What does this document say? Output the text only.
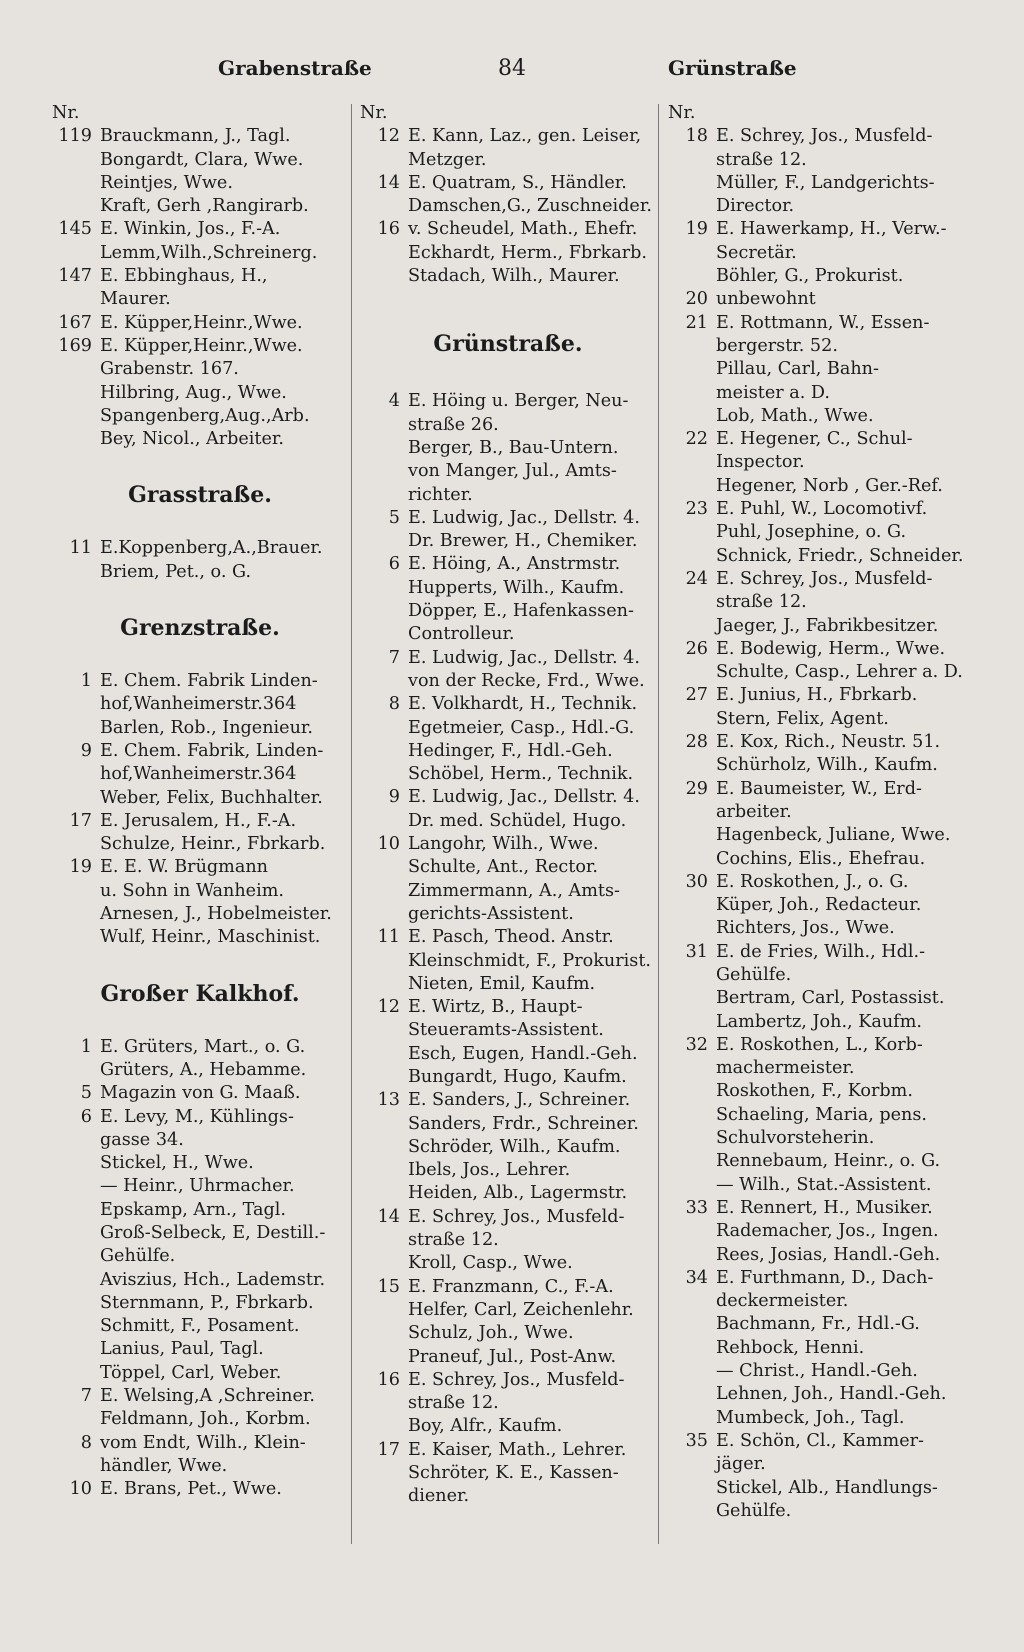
Grabenstraße	84	Grünstraße
Nr.
119 Brauckmann, J., Tagl.
Bongardt, Clara, Wwe.
Reintjes, Wwe.
Kraft, Gerh ,Rangirarb.
145 E. Winkin, Jos., F.-A.
Lemm,Wilh.,Schreinerg.
147 E. Ebbinghaus, H.,
Maurer.
167 E. Küpper,Heinr.,Wwe.
169 E. Küpper,Heinr.,Wwe.
Grabenstr. 167.
Hilbring, Aug., Wwe.
Spangenberg,Aug.,Arb.
Bey, Nicol., Arbeiter.
Grasstraße.
11 E.Koppenberg,A.,Brauer.
Briem, Pet., o. G.
Grenzstraße.
1 E. Chem. Fabrik Linden-
hof,Wanheimerstr.364
Barlen, Rob., Ingenieur.
9 E. Chem. Fabrik, Linden-
hof,Wanheimerstr.364
Weber, Felix, Buchhalter.
17 E. Jerusalem, H., F.-A.
Schulze, Heinr., Fbrkarb.
19 E. E. W. Brügmann
u. Sohn in Wanheim.
Arnesen, J., Hobelmeister.
Wulf, Heinr., Maschinist.
Großer Kalkhof.
1 E. Grüters, Mart., o. G.
Grüters, A., Hebamme.
5 Magazin von G. Maaß.
6 E. Levy, M., Kühlings-
gasse 34.
Stickel, H., Wwe.
— Heinr., Uhrmacher.
Epskamp, Arn., Tagl.
Groß-Selbeck, E, Destill.-
Gehülfe.
Aviszius, Hch., Lademstr.
Sternmann, P., Fbrkarb.
Schmitt, F., Posament.
Lanius, Paul, Tagl.
Töppel, Carl, Weber.
7 E. Welsing,A ,Schreiner.
Feldmann, Joh., Korbm.
8 vom Endt, Wilh., Klein-
händler, Wwe.
10 E. Brans, Pet., Wwe.
Nr.
12 E. Kann, Laz., gen. Leiser,
Metzger.
14 E. Quatram, S., Händler.
Damschen,G., Zuschneider.
16 v. Scheudel, Math., Ehefr.
Eckhardt, Herm., Fbrkarb.
Stadach, Wilh., Maurer.
Grünstraße.
4 E. Höing u. Berger, Neu-
straße 26.
Berger, B., Bau-Untern.
von Manger, Jul., Amts-
richter.
5 E. Ludwig, Jac., Dellstr. 4.
Dr. Brewer, H., Chemiker.
6 E. Höing, A., Anstrmstr.
Hupperts, Wilh., Kaufm.
Döpper, E., Hafenkassen-
Controlleur.
7 E. Ludwig, Jac., Dellstr. 4.
von der Recke, Frd., Wwe.
8 E. Volkhardt, H., Technik.
Egetmeier, Casp., Hdl.-G.
Hedinger, F., Hdl.-Geh.
Schöbel, Herm., Technik.
9 E. Ludwig, Jac., Dellstr. 4.
Dr. med. Schüdel, Hugo.
10 Langohr, Wilh., Wwe.
Schulte, Ant., Rector.
Zimmermann, A., Amts-
gerichts-Assistent.
11 E. Pasch, Theod. Anstr.
Kleinschmidt, F., Prokurist.
Nieten, Emil, Kaufm.
12 E. Wirtz, B., Haupt-
Steueramts-Assistent.
Esch, Eugen, Handl.-Geh.
Bungardt, Hugo, Kaufm.
13 E. Sanders, J., Schreiner.
Sanders, Frdr., Schreiner.
Schröder, Wilh., Kaufm.
Ibels, Jos., Lehrer.
Heiden, Alb., Lagermstr.
14 E. Schrey, Jos., Musfeld-
straße 12.
Kroll, Casp., Wwe.
15 E. Franzmann, C., F.-A.
Helfer, Carl, Zeichenlehr.
Schulz, Joh., Wwe.
Praneuf, Jul., Post-Anw.
16 E. Schrey, Jos., Musfeld-
straße 12.
Boy, Alfr., Kaufm.
17 E. Kaiser, Math., Lehrer.
Schröter, K. E., Kassen-
diener.
Nr.
18 E. Schrey, Jos., Musfeld-
straße 12.
Müller, F., Landgerichts-
Director.
19 E. Hawerkamp, H., Verw.-
Secretär.
Böhler, G., Prokurist.
20 unbewohnt
21 E. Rottmann, W., Essen-
bergerstr. 52.
Pillau, Carl, Bahn-
meister a. D.
Lob, Math., Wwe.
22 E. Hegener, C., Schul-
Inspector.
Hegener, Norb , Ger.-Ref.
23 E. Puhl, W., Locomotivf.
Puhl, Josephine, o. G.
Schnick, Friedr., Schneider.
24 E. Schrey, Jos., Musfeld-
straße 12.
Jaeger, J., Fabrikbesitzer.
26 E. Bodewig, Herm., Wwe.
Schulte, Casp., Lehrer a. D.
27 E. Junius, H., Fbrkarb.
Stern, Felix, Agent.
28 E. Kox, Rich., Neustr. 51.
Schürholz, Wilh., Kaufm.
29 E. Baumeister, W., Erd-
arbeiter.
Hagenbeck, Juliane, Wwe.
Cochins, Elis., Ehefrau.
30 E. Roskothen, J., o. G.
Küper, Joh., Redacteur.
Richters, Jos., Wwe.
31 E. de Fries, Wilh., Hdl.-
Gehülfe.
Bertram, Carl, Postassist.
Lambertz, Joh., Kaufm.
32 E. Roskothen, L., Korb-
machermeister.
Roskothen, F., Korbm.
Schaeling, Maria, pens.
Schulvorsteherin.
Rennebaum, Heinr., o. G.
— Wilh., Stat.-Assistent.
33 E. Rennert, H., Musiker.
Rademacher, Jos., Ingen.
Rees, Josias, Handl.-Geh.
34 E. Furthmann, D., Dach-
deckermeister.
Bachmann, Fr., Hdl.-G.
Rehbock, Henni.
— Christ., Handl.-Geh.
Lehnen, Joh., Handl.-Geh.
Mumbeck, Joh., Tagl.
35 E. Schön, Cl., Kammer-
jäger.
Stickel, Alb., Handlungs-
Gehülfe.
